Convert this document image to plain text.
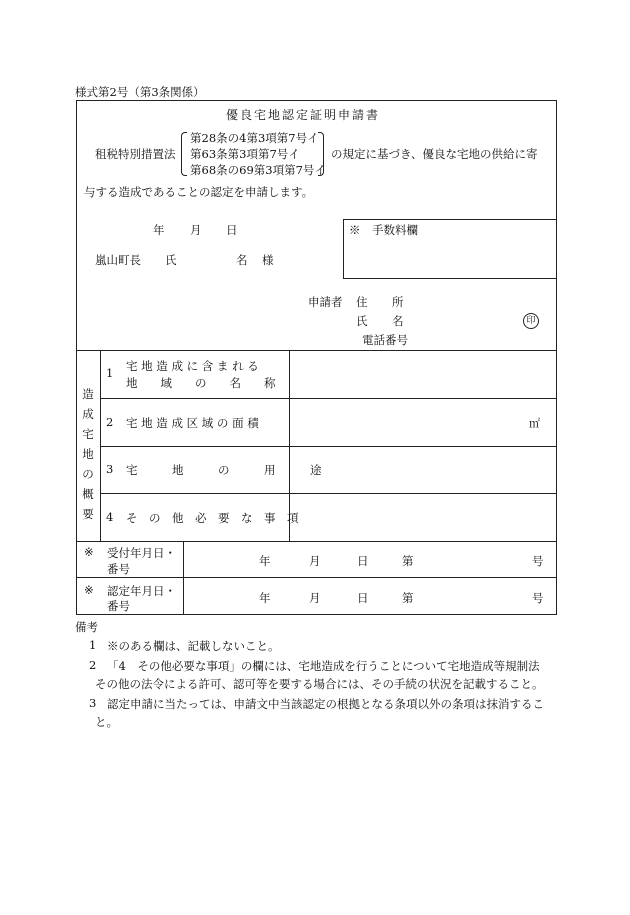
様式第2号（第3条関係）
優良宅地認定証明申請書
租税特別措置法
第28条の4第3項第7号イ
第63条第3項第7号イ
第68条の69第3項第7号イ
の規定に基づき、優良な宅地の供給に寄
与する造成であることの認定を申請します。
年 月 日	※　手数料欄
嵐山町長 氏	名 様
申請者 住 所
氏 名	印
電話番号
造
成
宅
地
の
概
要
1 宅 地 造 成 に 含 ま れ る
地　　域　　の　　名　　称
2 宅 地 造 成 区 域 の 面 積	㎡
3 宅　　　地　　　の　　　用　　　途
4 そ　の　他　必　要　な　事　項
※ 受付年月日・
番号
年	月	日	第	号
※ 認定年月日・
番号
年	月	日	第	号
備考
1 ※のある欄は、記載しないこと。
2 「4　その他必要な事項」の欄には、宅地造成を行うことについて宅地造成等規制法
その他の法令による許可、認可等を要する場合には、その手続の状況を記載すること。
3 認定申請に当たっては、申請文中当該認定の根拠となる条項以外の条項は抹消するこ
と。
